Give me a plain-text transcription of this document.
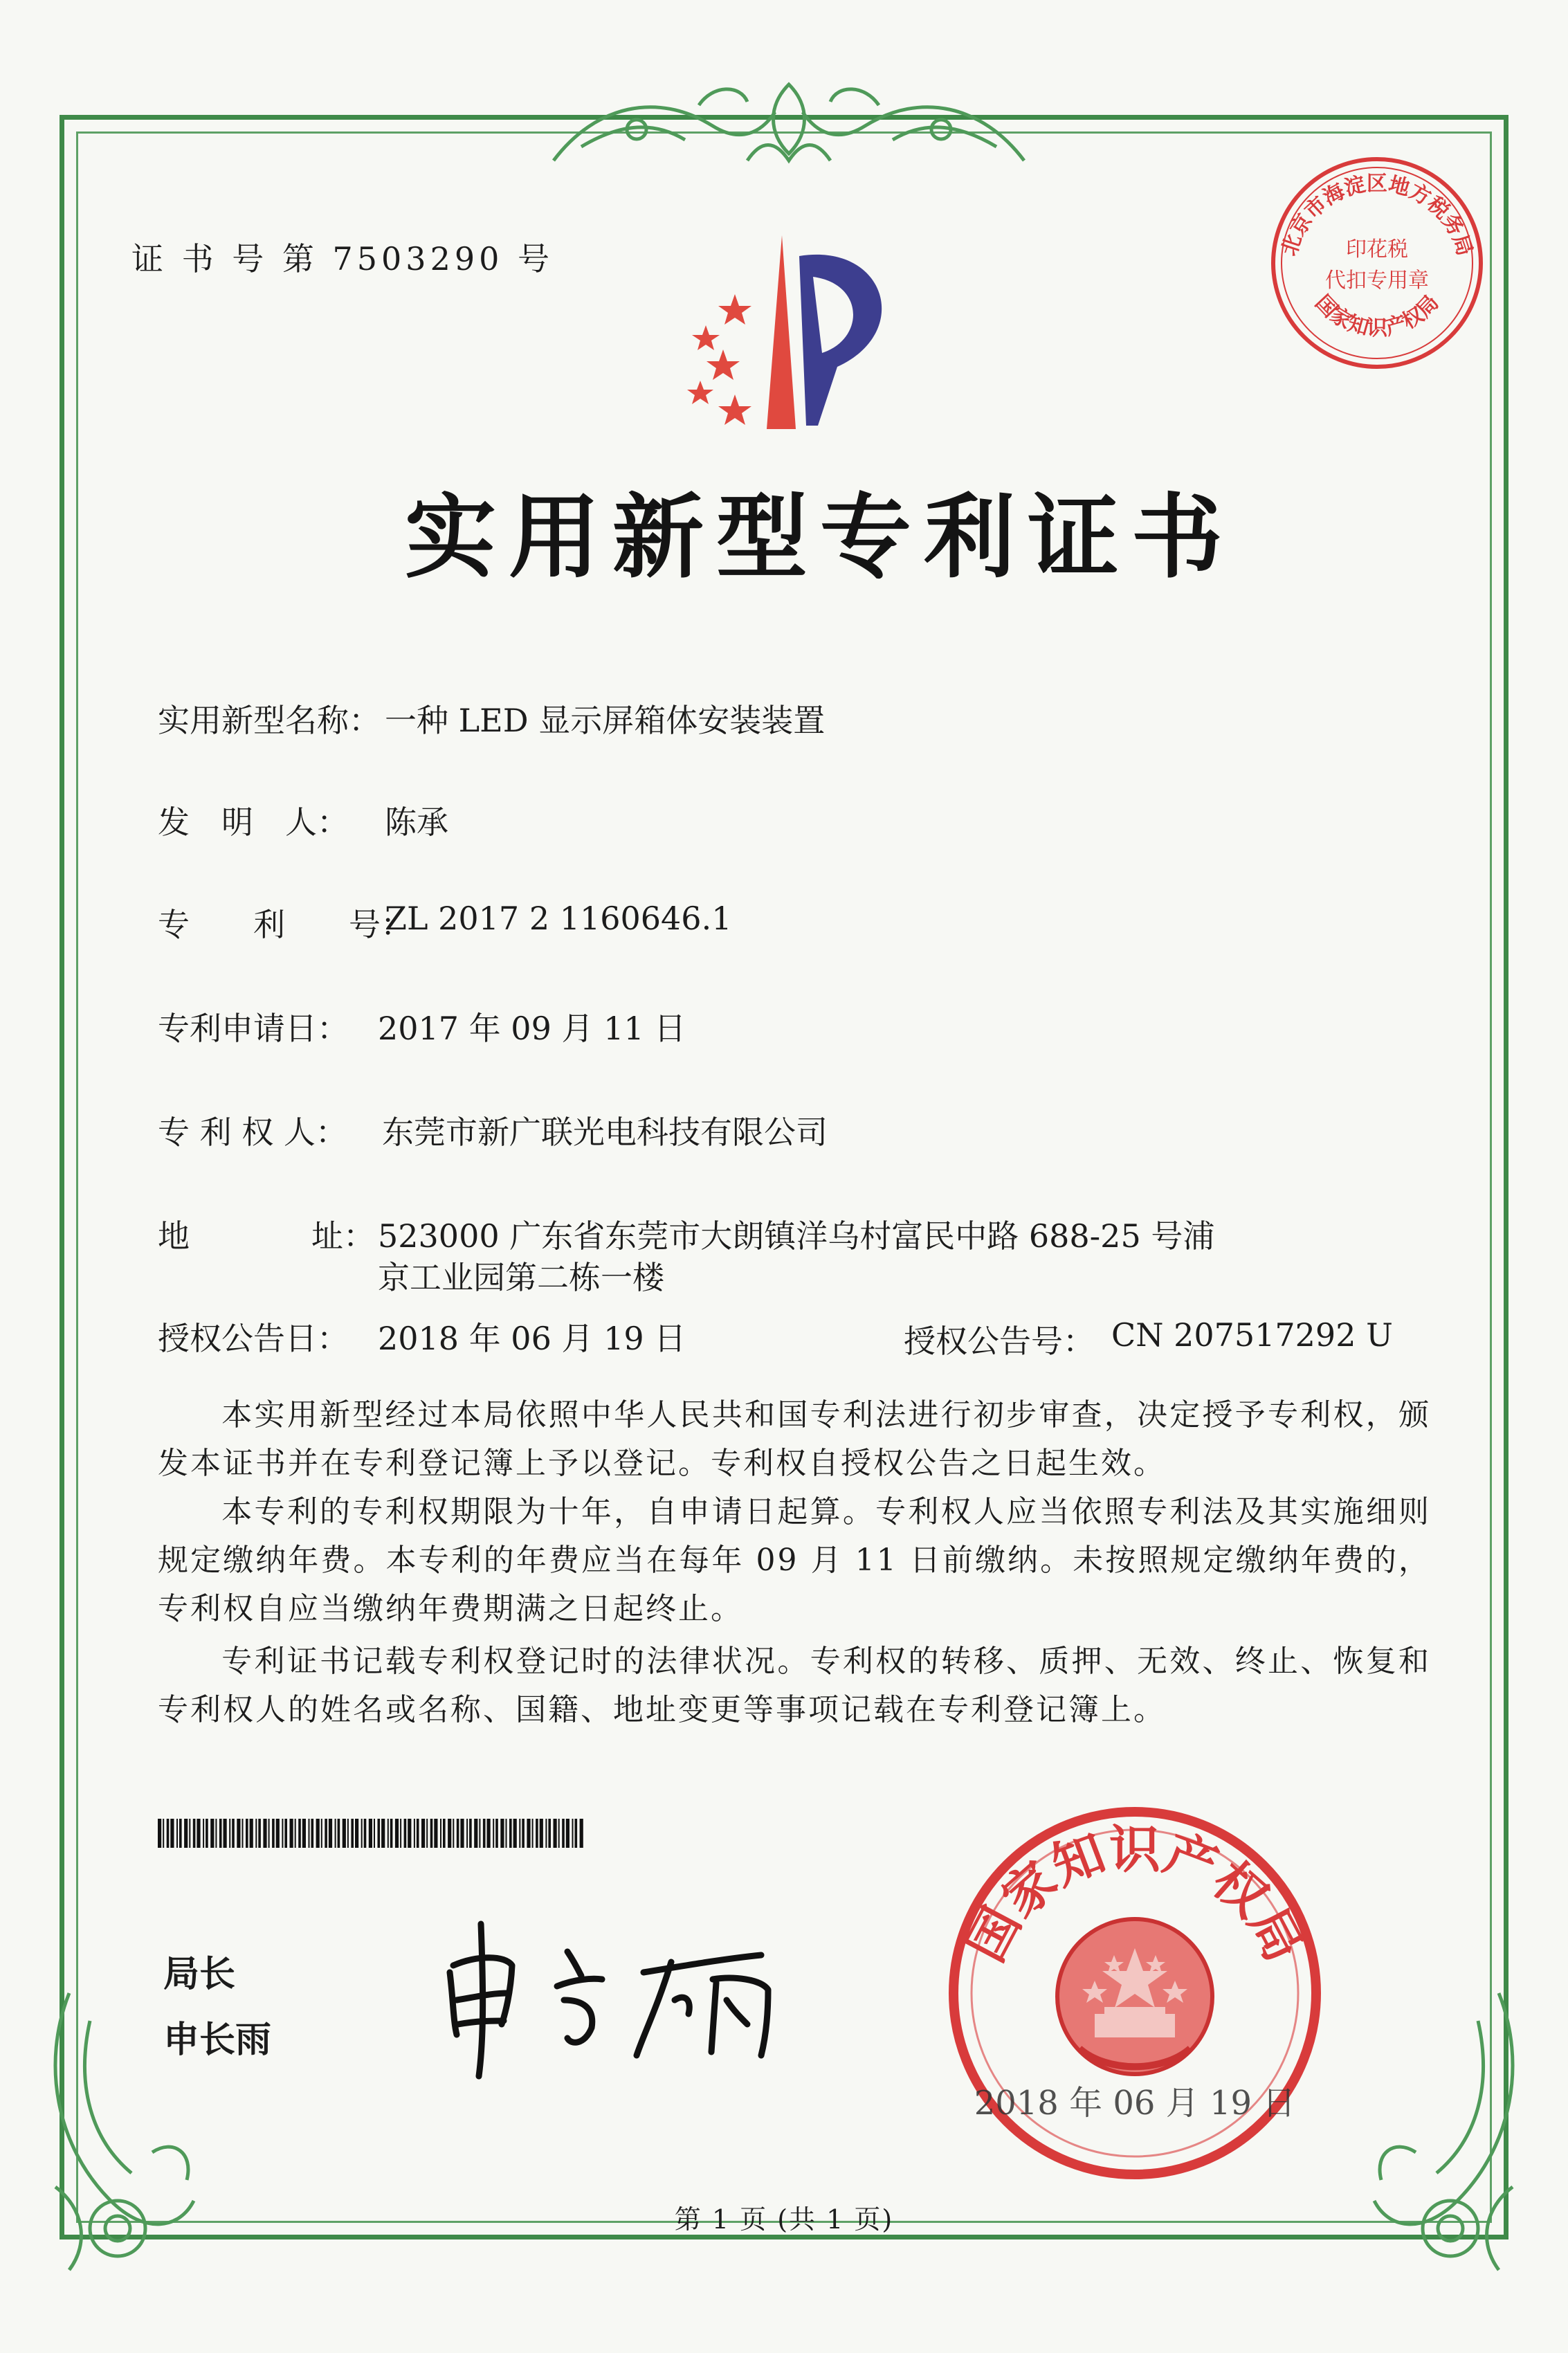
证 书 号 第 7503290 号	北京市海淀区地方税务局
国家知识产权局
印花税
代扣专用章
实用新型专利证书
实用新型名称： 一种 LED 显示屏箱体安装装置
发　明　人： 陈承
专　　利　　号：
ZL 2017 2 1160646.1
专利申请日： 2017 年 09 月 11 日
专 利 权 人： 东莞市新广联光电科技有限公司
地	址： 523000 广东省东莞市大朗镇洋乌村富民中路 688-25 号浦
京工业园第二栋一楼
授权公告日： 2018 年 06 月 19 日	授权公告号： CN 207517292 U
本实用新型经过本局依照中华人民共和国专利法进行初步审查，决定授予专利权，颁发本证书并在专利登记簿上予以登记。专利权自授权公告之日起生效。
本专利的专利权期限为十年，自申请日起算。专利权人应当依照专利法及其实施细则规定缴纳年费。本专利的年费应当在每年 09 月 11 日前缴纳。未按照规定缴纳年费的，专利权自应当缴纳年费期满之日起终止。
专利证书记载专利权登记时的法律状况。专利权的转移、质押、无效、终止、恢复和专利权人的姓名或名称、国籍、地址变更等事项记载在专利登记簿上。
局长
申长雨
国家知识产权局
2018 年 06 月 19 日
第 1 页 (共 1 页)
